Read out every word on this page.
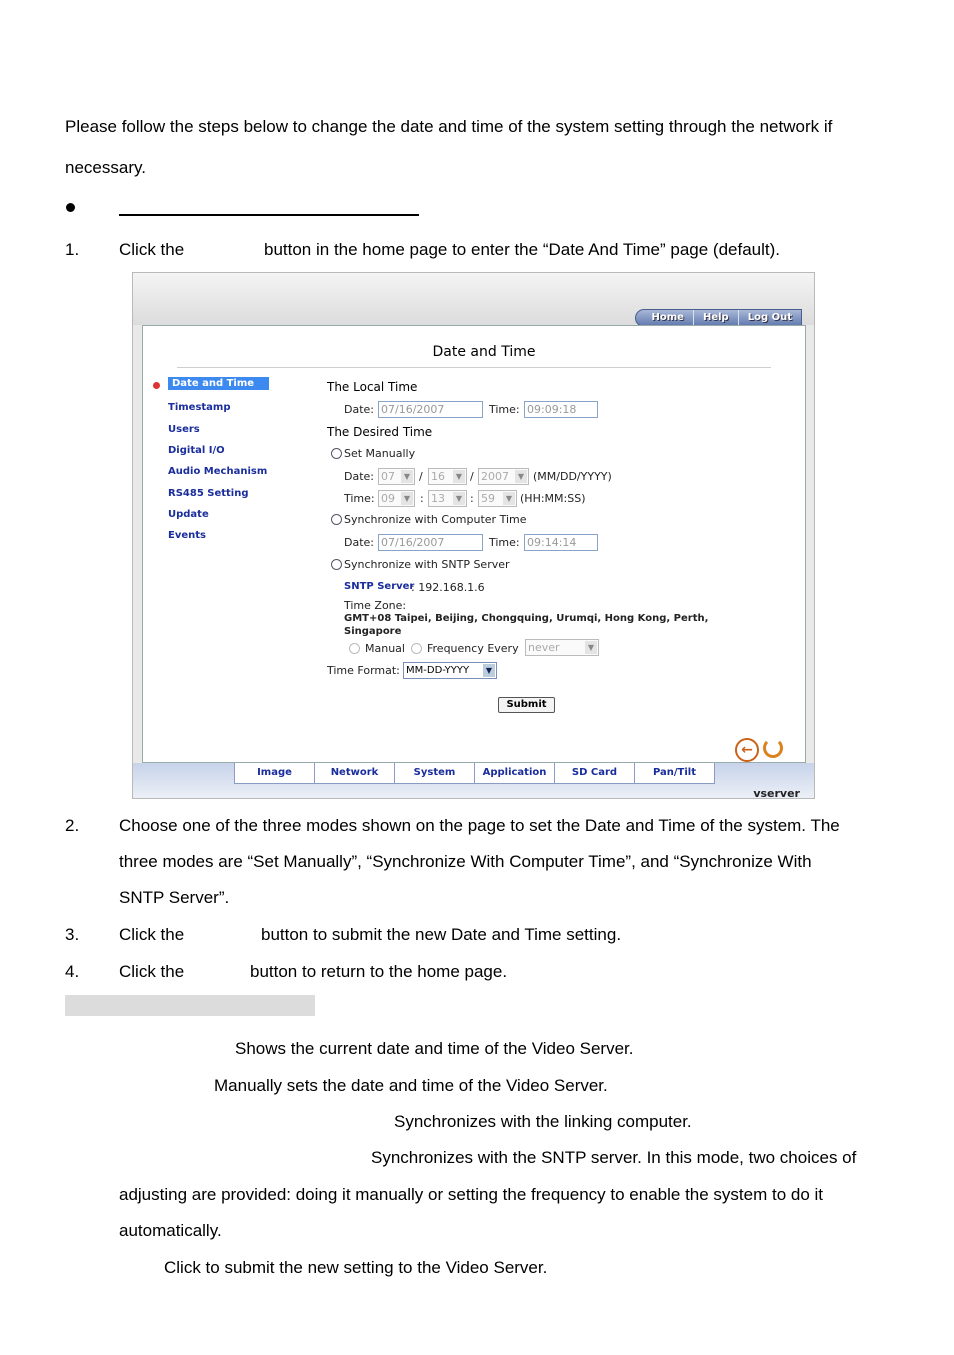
Please follow the steps below to change the date and time of the system setting through the network if
necessary.
1. Click the	button in the home page to enter the “Date And Time” page (default).
Home	Help	Log Out
Date and Time
Date and Time
Timestamp
Users
Digital I/O
Audio Mechanism
RS485 Setting
Update
Events
The Local Time
Date: 07/16/2007	Time: 09:09:18
The Desired Time
Set Manually
Date: 07	▼ / 16	▼ / 2007	▼ (MM/DD/YYYY)
Time: 09	▼ : 13	▼ : 59	▼ (HH:MM:SS)
Synchronize with Computer Time
Date: 07/16/2007	Time: 09:14:14
Synchronize with SNTP Server
SNTP Server
: 192.168.1.6
Time Zone:
GMT+08 Taipei, Beijing, Chongquing, Urumqi, Hong Kong, Perth,
Singapore
Manual Frequency Every never	▼
Time Format: MM-DD-YYYY	▼
Submit
←
Image	Network	System	Application	SD Card	Pan/Tilt
vserver
2. Choose one of the three modes shown on the page to set the Date and Time of the system. The
three modes are “Set Manually”, “Synchronize With Computer Time”, and “Synchronize With
SNTP Server”.
3. Click the	button to submit the new Date and Time setting.
4. Click the	button to return to the home page.
Shows the current date and time of the Video Server.
Manually sets the date and time of the Video Server.
Synchronizes with the linking computer.
Synchronizes with the SNTP server. In this mode, two choices of
adjusting are provided: doing it manually or setting the frequency to enable the system to do it
automatically.
Click to submit the new setting to the Video Server.
